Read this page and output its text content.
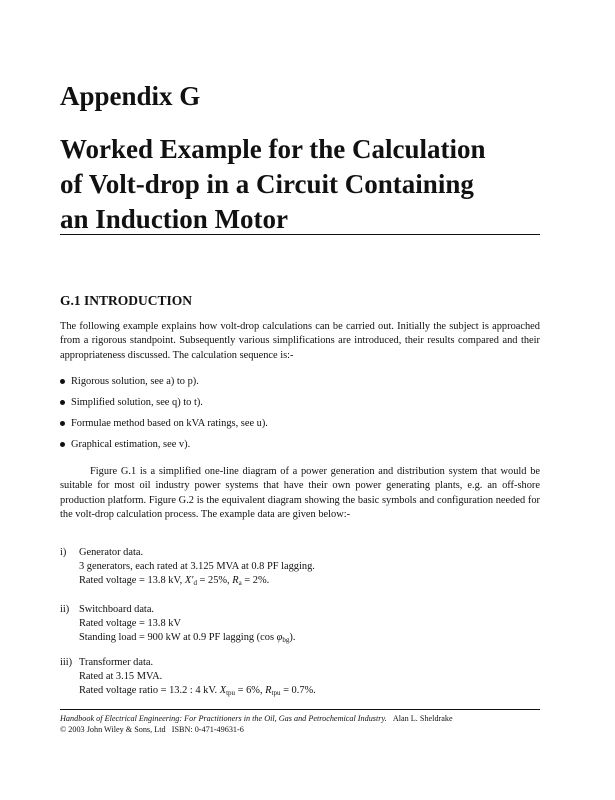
Appendix G
Worked Example for the Calculation
of Volt-drop in a Circuit Containing
an Induction Motor
G.1 INTRODUCTION
The following example explains how volt-drop calculations can be carried out. Initially the subject is approached from a rigorous standpoint. Subsequently various simplifications are introduced, their results compared and their appropriateness discussed. The calculation sequence is:-
Rigorous solution, see a) to p).
Simplified solution, see q) to t).
Formulae method based on kVA ratings, see u).
Graphical estimation, see v).
Figure G.1 is a simplified one-line diagram of a power generation and distribution system that would be suitable for most oil industry power systems that have their own power generating plants, e.g. an off-shore production platform. Figure G.2 is the equivalent diagram showing the basic symbols and configuration needed for the volt-drop calculation process. The example data are given below:-
i)	Generator data.
3 generators, each rated at 3.125 MVA at 0.8 PF lagging.
Rated voltage = 13.8 kV, $X'_d = 25\%$, $R_a = 2\%$.
ii) Switchboard data.
Rated voltage = 13.8 kV
Standing load = 900 kW at 0.9 PF lagging (cos $\varphi_{bg}$).
iii) Transformer data.
Rated at 3.15 MVA.
Rated voltage ratio = 13.2 : 4 kV. $X_{tpu} = 6\%$, $R_{tpu} = 0.7\%$.
Handbook of Electrical Engineering: For Practitioners in the Oil, Gas and Petrochemical Industry. Alan L. Sheldrake
© 2003 John Wiley & Sons, Ltd ISBN: 0-471-49631-6
